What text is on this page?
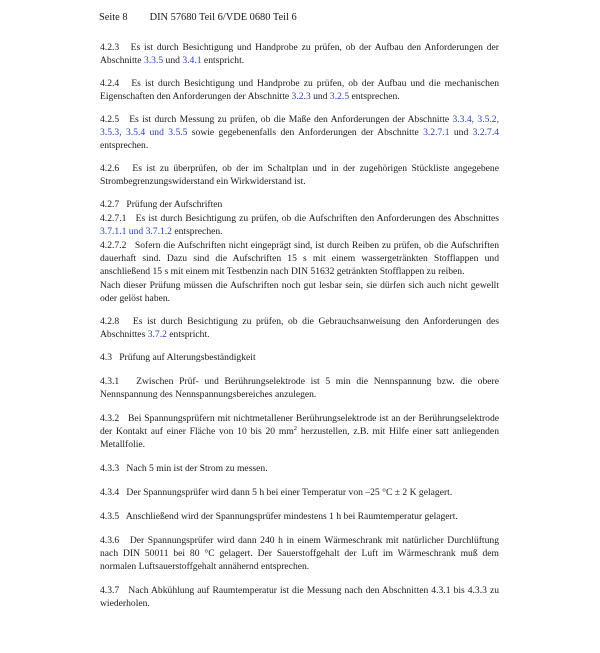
Seite 8 DIN 57680 Teil 6/VDE 0680 Teil 6

4.2.3 Es ist durch Besichtigung und Handprobe zu prüfen, ob der Aufbau den Anforderungen der Abschnitte 3.3.5 und 3.4.1 entspricht.

4.2.4 Es ist durch Besichtigung und Handprobe zu prüfen, ob der Aufbau und die mechanischen Eigenschaften den Anforderungen der Abschnitte 3.2.3 und 3.2.5 entsprechen.

4.2.5 Es ist durch Messung zu prüfen, ob die Maße den Anforderungen der Abschnitte 3.3.4, 3.5.2, 3.5.3, 3.5.4 und 3.5.5 sowie gegebenenfalls den Anforderungen der Abschnitte 3.2.7.1 und 3.2.7.4 entsprechen.

4.2.6 Es ist zu überprüfen, ob der im Schaltplan und in der zugehörigen Stückliste angegebene Strombegrenzungswiderstand ein Wirkwiderstand ist.

4.2.7   Prüfung der Aufschriften

4.2.7.1 Es ist durch Besichtigung zu prüfen, ob die Aufschriften den Anforderungen des Abschnittes 3.7.1.1 und 3.7.1.2 entsprechen.

4.2.7.2 Sofern die Aufschriften nicht eingeprägt sind, ist durch Reiben zu prüfen, ob die Aufschriften dauerhaft sind. Dazu sind die Aufschriften 15 s mit einem wassergetränkten Stofflappen und anschließend 15 s mit einem mit Testbenzin nach DIN 51632 getränkten Stofflappen zu reiben.

Nach dieser Prüfung müssen die Aufschriften noch gut lesbar sein, sie dürfen sich auch nicht gewellt oder gelöst haben.

4.2.8 Es ist durch Besichtigung zu prüfen, ob die Gebrauchsanweisung den Anforderungen des Abschnittes 3.7.2 entspricht.

4.3   Prüfung auf Alterungsbeständigkeit

4.3.1 Zwischen Prüf- und Berührungselektrode ist 5 min die Nennspannung bzw. die obere Nennspannung des Nennspannungsbereiches anzulegen.

4.3.2 Bei Spannungsprüfern mit nichtmetallener Berührungselektrode ist an der Berührungselektrode der Kontakt auf einer Fläche von 10 bis 20 $mm^2$ herzustellen, z.B. mit Hilfe einer satt anliegenden Metallfolie.

4.3.3 Nach 5 min ist der Strom zu messen.

4.3.4 Der Spannungsprüfer wird dann 5 h bei einer Temperatur von –25 °C ± 2 K gelagert.

4.3.5 Anschließend wird der Spannungsprüfer mindestens 1 h bei Raumtemperatur gelagert.

4.3.6 Der Spannungsprüfer wird dann 240 h in einem Wärmeschrank mit natürlicher Durchlüftung nach DIN 50011 bei 80 °C gelagert. Der Sauerstoffgehalt der Luft im Wärmeschrank muß dem normalen Luftsauerstoffgehalt annähernd entsprechen.

4.3.7 Nach Abkühlung auf Raumtemperatur ist die Messung nach den Abschnitten 4.3.1 bis 4.3.3 zu wiederholen.
